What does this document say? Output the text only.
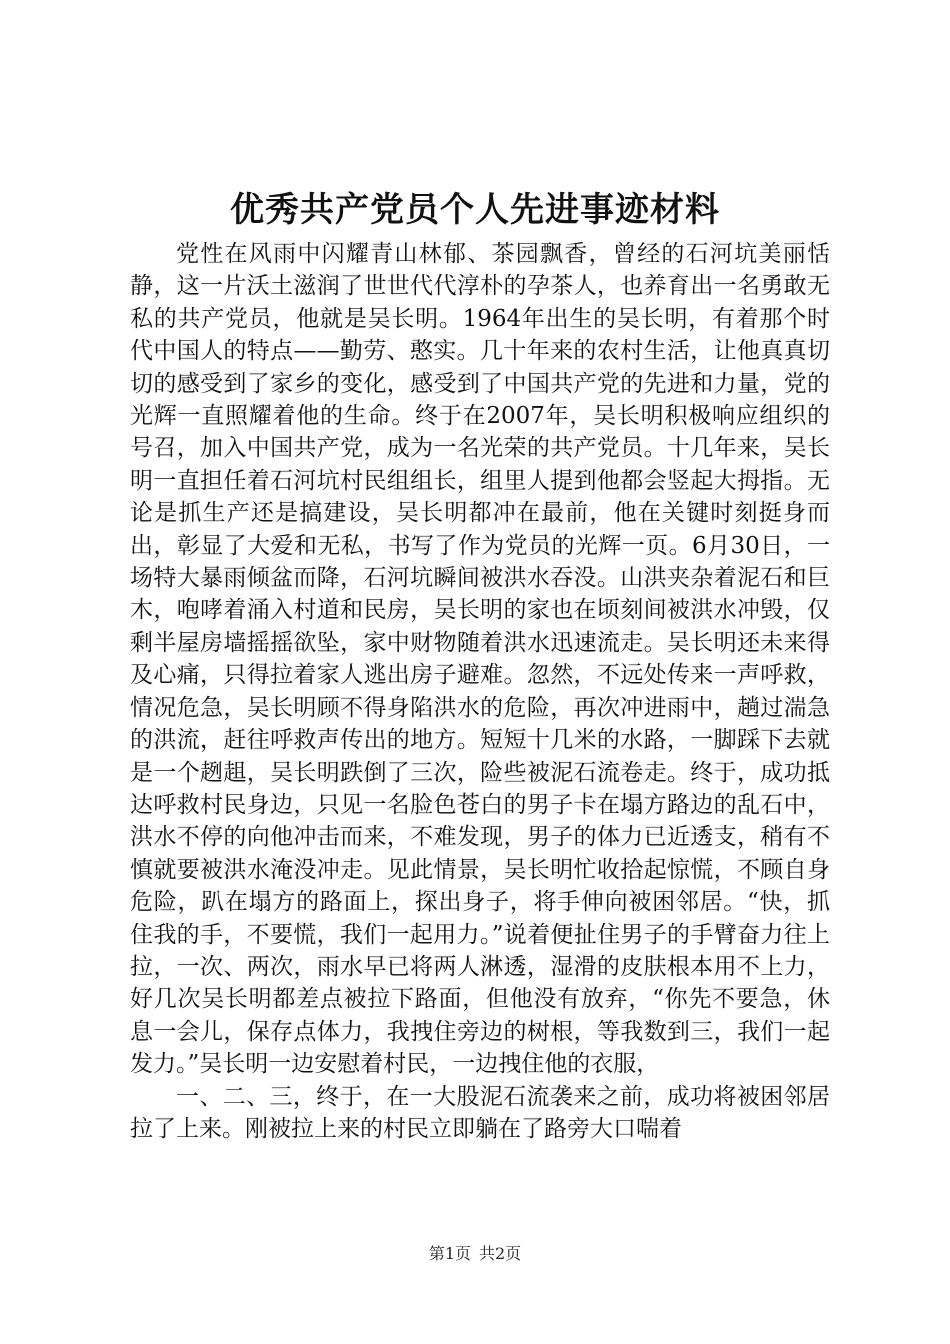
优秀共产党员个人先进事迹材料

党性在风雨中闪耀青山林郁、茶园飘香，曾经的石河坑美丽恬静，这一片沃土滋润了世世代代淳朴的孕茶人，也养育出一名勇敢无私的共产党员，他就是吴长明。1964年出生的吴长明，有着那个时代中国人的特点——勤劳、憨实。几十年来的农村生活，让他真真切切的感受到了家乡的变化，感受到了中国共产党的先进和力量，党的光辉一直照耀着他的生命。终于在2007年，吴长明积极响应组织的号召，加入中国共产党，成为一名光荣的共产党员。十几年来，吴长明一直担任着石河坑村民组组长，组里人提到他都会竖起大拇指。无论是抓生产还是搞建设，吴长明都冲在最前，他在关键时刻挺身而出，彰显了大爱和无私，书写了作为党员的光辉一页。6月30日，一场特大暴雨倾盆而降，石河坑瞬间被洪水吞没。山洪夹杂着泥石和巨木，咆哮着涌入村道和民房，吴长明的家也在顷刻间被洪水冲毁，仅剩半屋房墙摇摇欲坠，家中财物随着洪水迅速流走。吴长明还未来得及心痛，只得拉着家人逃出房子避难。忽然，不远处传来一声呼救，情况危急，吴长明顾不得身陷洪水的危险，再次冲进雨中，趟过湍急的洪流，赶往呼救声传出的地方。短短十几米的水路，一脚踩下去就是一个趔趄，吴长明跌倒了三次，险些被泥石流卷走。终于，成功抵达呼救村民身边，只见一名脸色苍白的男子卡在塌方路边的乱石中，洪水不停的向他冲击而来，不难发现，男子的体力已近透支，稍有不慎就要被洪水淹没冲走。见此情景，吴长明忙收拾起惊慌，不顾自身危险，趴在塌方的路面上，探出身子，将手伸向被困邻居。“快，抓住我的手，不要慌，我们一起用力。”说着便扯住男子的手臂奋力往上拉，一次、两次，雨水早已将两人淋透，湿滑的皮肤根本用不上力，好几次吴长明都差点被拉下路面，但他没有放弃，“你先不要急，休息一会儿，保存点体力，我拽住旁边的树根，等我数到三，我们一起发力。”吴长明一边安慰着村民，一边拽住他的衣服，

一、二、三，终于，在一大股泥石流袭来之前，成功将被困邻居拉了上来。刚被拉上来的村民立即躺在了路旁大口喘着

第1页 共2页
